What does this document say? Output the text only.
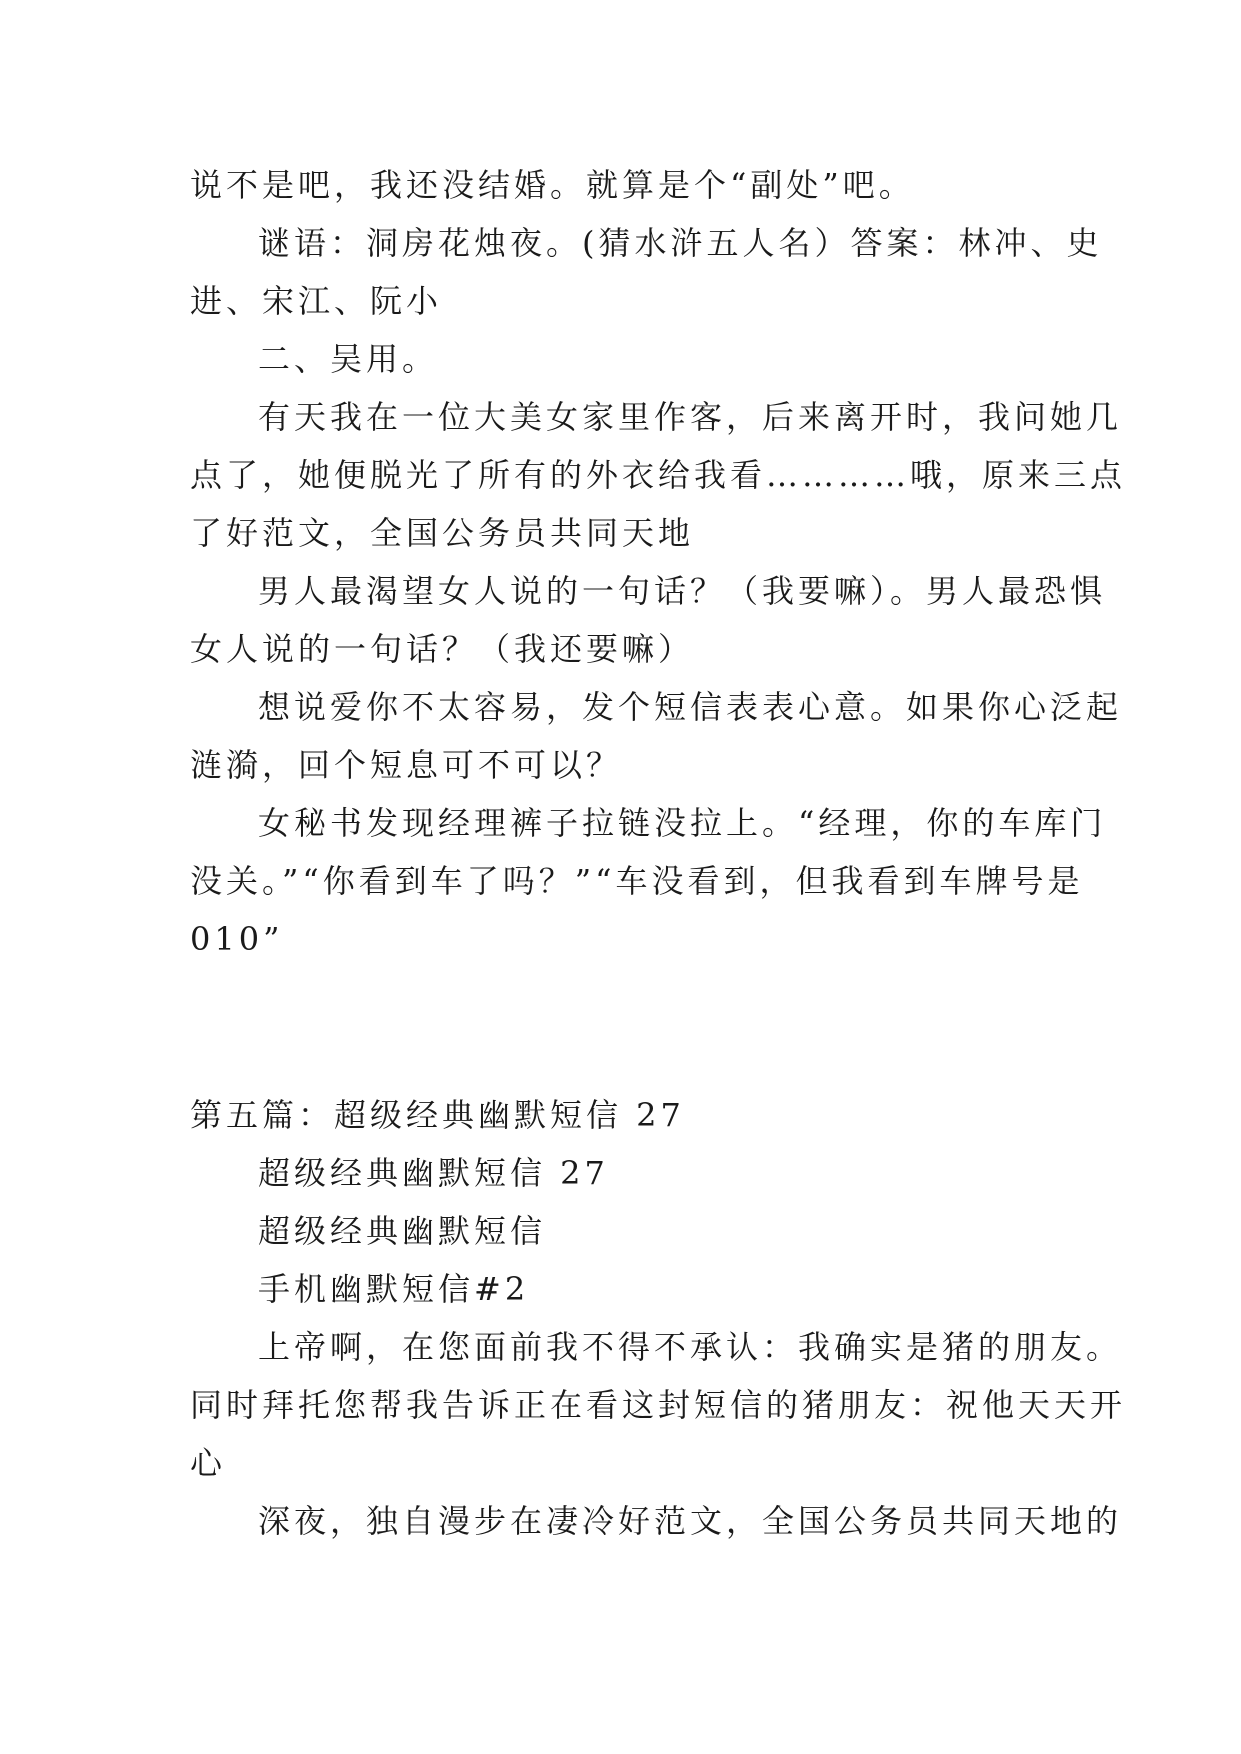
说不是吧，我还没结婚。就算是个“副处”吧。
谜语：洞房花烛夜。(猜水浒五人名）答案：林冲、史
进、宋江、阮小
二、吴用。
有天我在一位大美女家里作客，后来离开时，我问她几
点了，她便脱光了所有的外衣给我看…………哦，原来三点
了好范文，全国公务员共同天地
男人最渴望女人说的一句话？（我要嘛）。男人最恐惧
女人说的一句话？（我还要嘛）
想说爱你不太容易，发个短信表表心意。如果你心泛起
涟漪，回个短息可不可以？
女秘书发现经理裤子拉链没拉上。“经理，你的车库门
没关。”“你看到车了吗？”“车没看到，但我看到车牌号是
010”
第五篇：超级经典幽默短信 27
超级经典幽默短信 27
超级经典幽默短信
手机幽默短信#2
上帝啊，在您面前我不得不承认：我确实是猪的朋友。
同时拜托您帮我告诉正在看这封短信的猪朋友：祝他天天开
心
深夜，独自漫步在凄冷好范文，全国公务员共同天地的
